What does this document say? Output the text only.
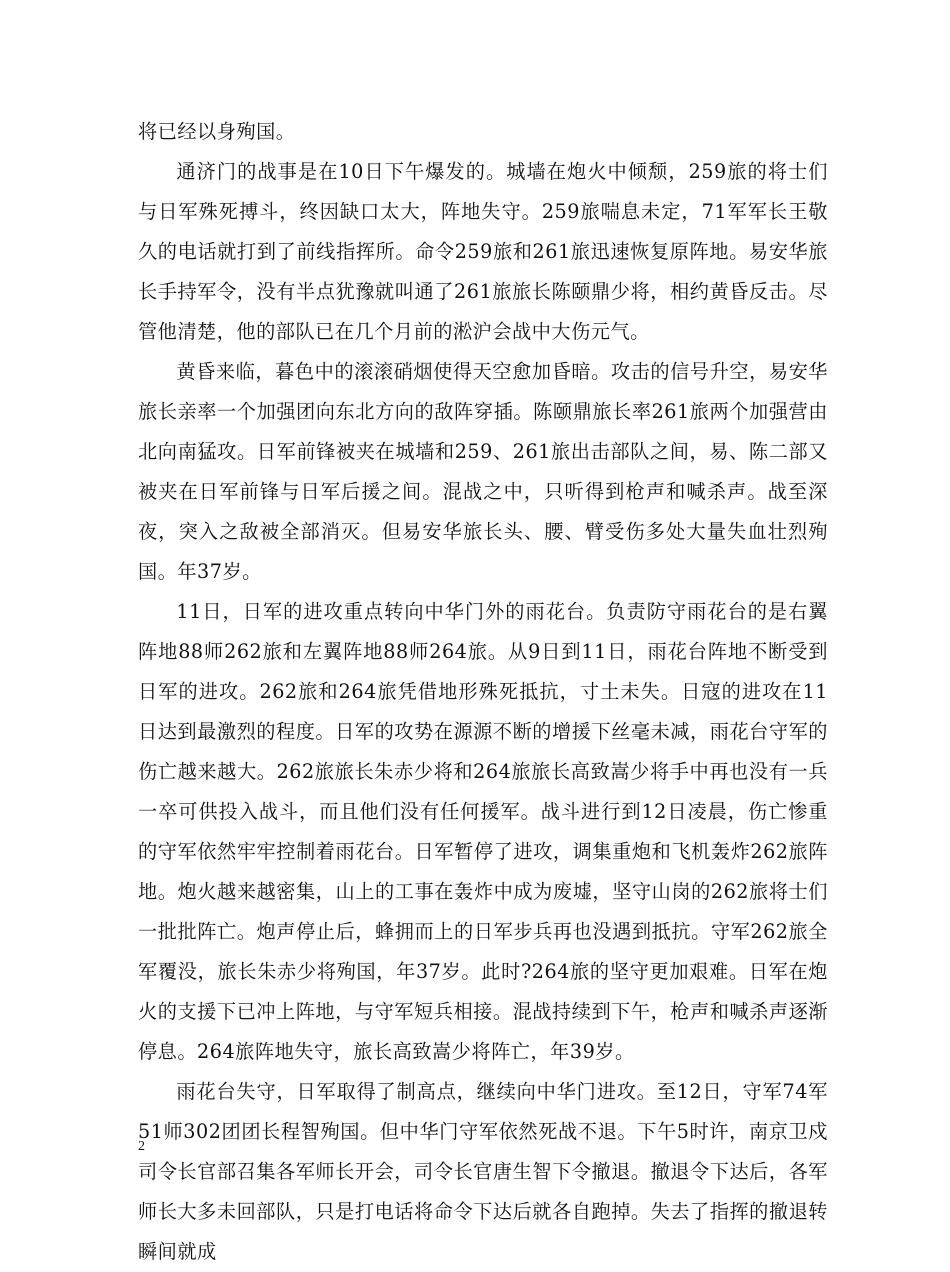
将已经以身殉国。

通济门的战事是在10日下午爆发的。城墙在炮火中倾颓，259旅的将士们与日军殊死搏斗，终因缺口太大，阵地失守。259旅喘息未定，71军军长王敬久的电话就打到了前线指挥所。命令259旅和261旅迅速恢复原阵地。易安华旅长手持军令，没有半点犹豫就叫通了261旅旅长陈颐鼎少将，相约黄昏反击。尽管他清楚，他的部队已在几个月前的淞沪会战中大伤元气。

黄昏来临，暮色中的滚滚硝烟使得天空愈加昏暗。攻击的信号升空，易安华旅长亲率一个加强团向东北方向的敌阵穿插。陈颐鼎旅长率261旅两个加强营由北向南猛攻。日军前锋被夹在城墙和259、261旅出击部队之间，易、陈二部又被夹在日军前锋与日军后援之间。混战之中，只听得到枪声和喊杀声。战至深夜，突入之敌被全部消灭。但易安华旅长头、腰、臂受伤多处大量失血壮烈殉国。年37岁。

11日，日军的进攻重点转向中华门外的雨花台。负责防守雨花台的是右翼阵地88师262旅和左翼阵地88师264旅。从9日到11日，雨花台阵地不断受到日军的进攻。262旅和264旅凭借地形殊死抵抗，寸土未失。日寇的进攻在11日达到最激烈的程度。日军的攻势在源源不断的增援下丝毫未减，雨花台守军的伤亡越来越大。262旅旅长朱赤少将和264旅旅长高致嵩少将手中再也没有一兵一卒可供投入战斗，而且他们没有任何援军。战斗进行到12日凌晨，伤亡惨重的守军依然牢牢控制着雨花台。日军暂停了进攻，调集重炮和飞机轰炸262旅阵地。炮火越来越密集，山上的工事在轰炸中成为废墟，坚守山岗的262旅将士们一批批阵亡。炮声停止后，蜂拥而上的日军步兵再也没遇到抵抗。守军262旅全军覆没，旅长朱赤少将殉国，年37岁。此时?264旅的坚守更加艰难。日军在炮火的支援下已冲上阵地，与守军短兵相接。混战持续到下午，枪声和喊杀声逐渐停息。264旅阵地失守，旅长高致嵩少将阵亡，年39岁。

雨花台失守，日军取得了制高点，继续向中华门进攻。至12日，守军74军51师302团团长程智殉国。但中华门守军依然死战不退。下午5时许，南京卫戍司令长官部召集各军师长开会，司令长官唐生智下令撤退。撤退令下达后，各军师长大多未回部队，只是打电话将命令下达后就各自跑掉。失去了指挥的撤退转瞬间就成

2
